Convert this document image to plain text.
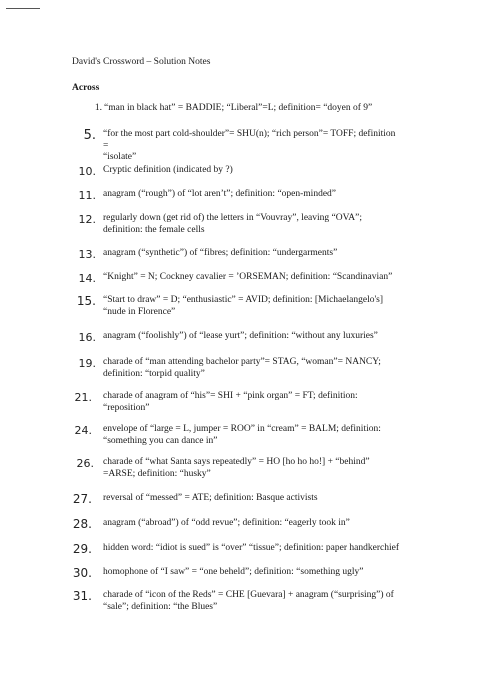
David's Crossword – Solution Notes
Across
1. “man in black hat” = BADDIE; “Liberal”=L; definition= “doyen of 9”
5. “for the most part cold-shoulder”= SHU(n); “rich person”= TOFF; definition =
“isolate”
10. Cryptic definition (indicated by ?)
11. anagram (“rough”) of “lot aren’t”; definition: “open-minded”
12. regularly down (get rid of) the letters in “Vouvray”, leaving “OVA”;
definition: the female cells
13. anagram (“synthetic”) of “fibres; definition: “undergarments”
14. “Knight” = N; Cockney cavalier = ’ORSEMAN; definition: “Scandinavian”
15. “Start to draw” = D; “enthusiastic” = AVID; definition: [Michaelangelo's]
“nude in Florence”
16. anagram (“foolishly”) of “lease yurt”; definition: “without any luxuries”
19. charade of “man attending bachelor party”= STAG, “woman”= NANCY;
definition: “torpid quality”
21. charade of anagram of “his”= SHI + “pink organ” = FT; definition:
“reposition”
24. envelope of “large = L, jumper = ROO” in “cream” = BALM; definition:
“something you can dance in”
26. charade of “what Santa says repeatedly” = HO [ho ho ho!] + “behind”
=ARSE; definition: “husky”
27. reversal of “messed” = ATE; definition: Basque activists
28. anagram (“abroad”) of “odd revue”; definition: “eagerly took in”
29. hidden word: “idiot is sued” is “over” “tissue”; definition: paper handkerchief
30. homophone of “I saw” = “one beheld”; definition: “something ugly”
31. charade of “icon of the Reds” = CHE [Guevara] + anagram (“surprising”) of
“sale”; definition: “the Blues”
